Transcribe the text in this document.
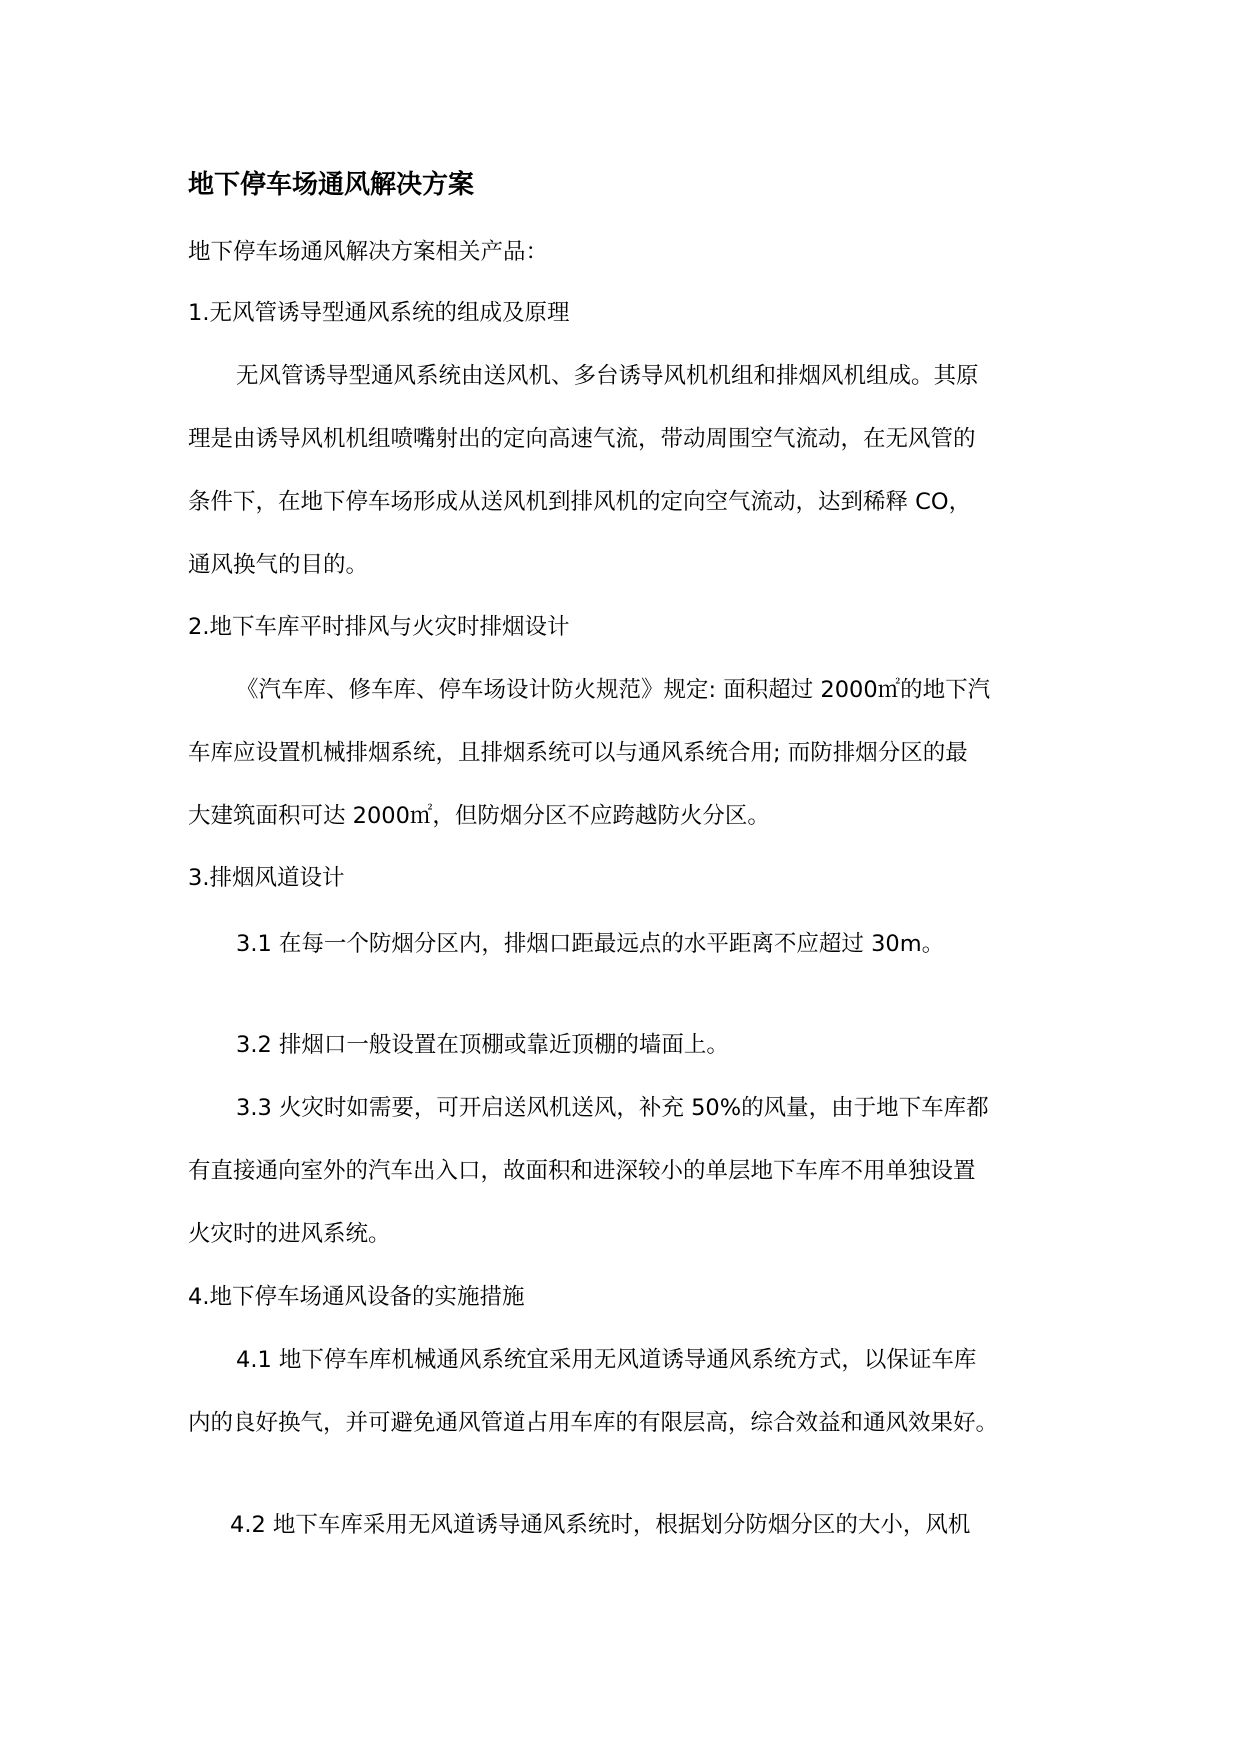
地下停车场通风解决方案
地下停车场通风解决方案相关产品：
1.无风管诱导型通风系统的组成及原理
无风管诱导型通风系统由送风机、多台诱导风机机组和排烟风机组成。其原
理是由诱导风机机组喷嘴射出的定向高速气流，带动周围空气流动，在无风管的
条件下，在地下停车场形成从送风机到排风机的定向空气流动，达到稀释 CO，
通风换气的目的。
2.地下车库平时排风与火灾时排烟设计
《汽车库、修车库、停车场设计防火规范》规定: 面积超过 2000㎡的地下汽
车库应设置机械排烟系统，且排烟系统可以与通风系统合用; 而防排烟分区的最
大建筑面积可达 2000㎡，但防烟分区不应跨越防火分区。
3.排烟风道设计
3.1 在每一个防烟分区内，排烟口距最远点的水平距离不应超过 30m。
3.2 排烟口一般设置在顶棚或靠近顶棚的墙面上。
3.3 火灾时如需要，可开启送风机送风，补充 50%的风量，由于地下车库都
有直接通向室外的汽车出入口，故面积和进深较小的单层地下车库不用单独设置
火灾时的进风系统。
4.地下停车场通风设备的实施措施
4.1 地下停车库机械通风系统宜采用无风道诱导通风系统方式，以保证车库
内的良好换气，并可避免通风管道占用车库的有限层高，综合效益和通风效果好。
4.2 地下车库采用无风道诱导通风系统时，根据划分防烟分区的大小，风机
